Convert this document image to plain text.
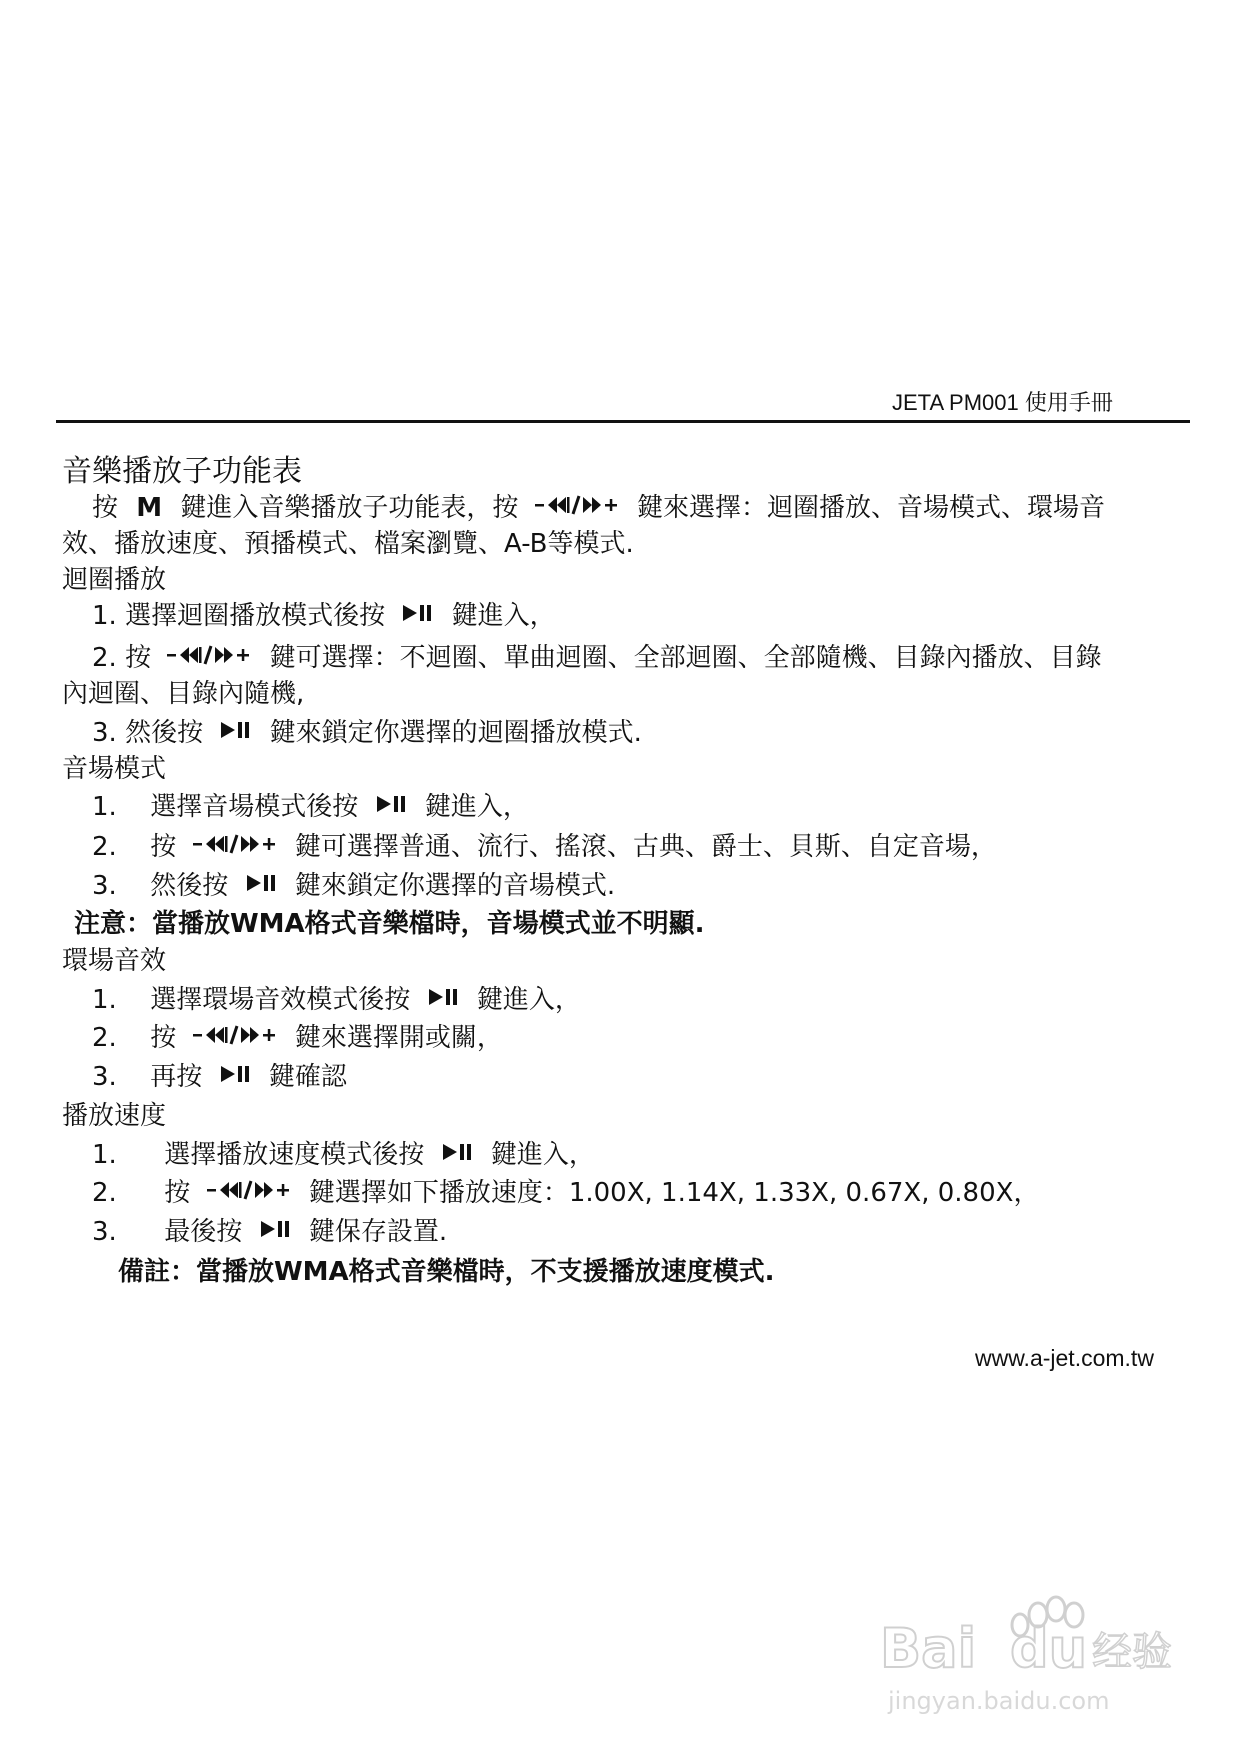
JETA PM001 使用手冊
音樂播放子功能表
按 M 鍵進入音樂播放子功能表，按	鍵來選擇：迴圈播放、音場模式、環場音
效、播放速度、預播模式、檔案瀏覽、A-B等模式.
迴圈播放
1. 選擇迴圈播放模式後按	鍵進入，
2. 按	鍵可選擇：不迴圈、單曲迴圈、全部迴圈、全部隨機、目錄內播放、目錄
內迴圈、目錄內隨機,
3. 然後按	鍵來鎖定你選擇的迴圈播放模式.
音場模式
1. 選擇音場模式後按	鍵進入，
2. 按	鍵可選擇普通、流行、搖滾、古典、爵士、貝斯、自定音場，
3. 然後按	鍵來鎖定你選擇的音場模式.
注意：當播放WMA格式音樂檔時，音場模式並不明顯.
環場音效
1. 選擇環場音效模式後按	鍵進入，
2. 按	鍵來選擇開或關，
3. 再按	鍵確認
播放速度
1. 選擇播放速度模式後按	鍵進入，
2. 按	鍵選擇如下播放速度：1.00X, 1.14X, 1.33X, 0.67X, 0.80X，
3. 最後按	鍵保存設置.
備註：當播放WMA格式音樂檔時，不支援播放速度模式.
www.a-jet.com.tw
Bai du 经验
jingyan.baidu.com
